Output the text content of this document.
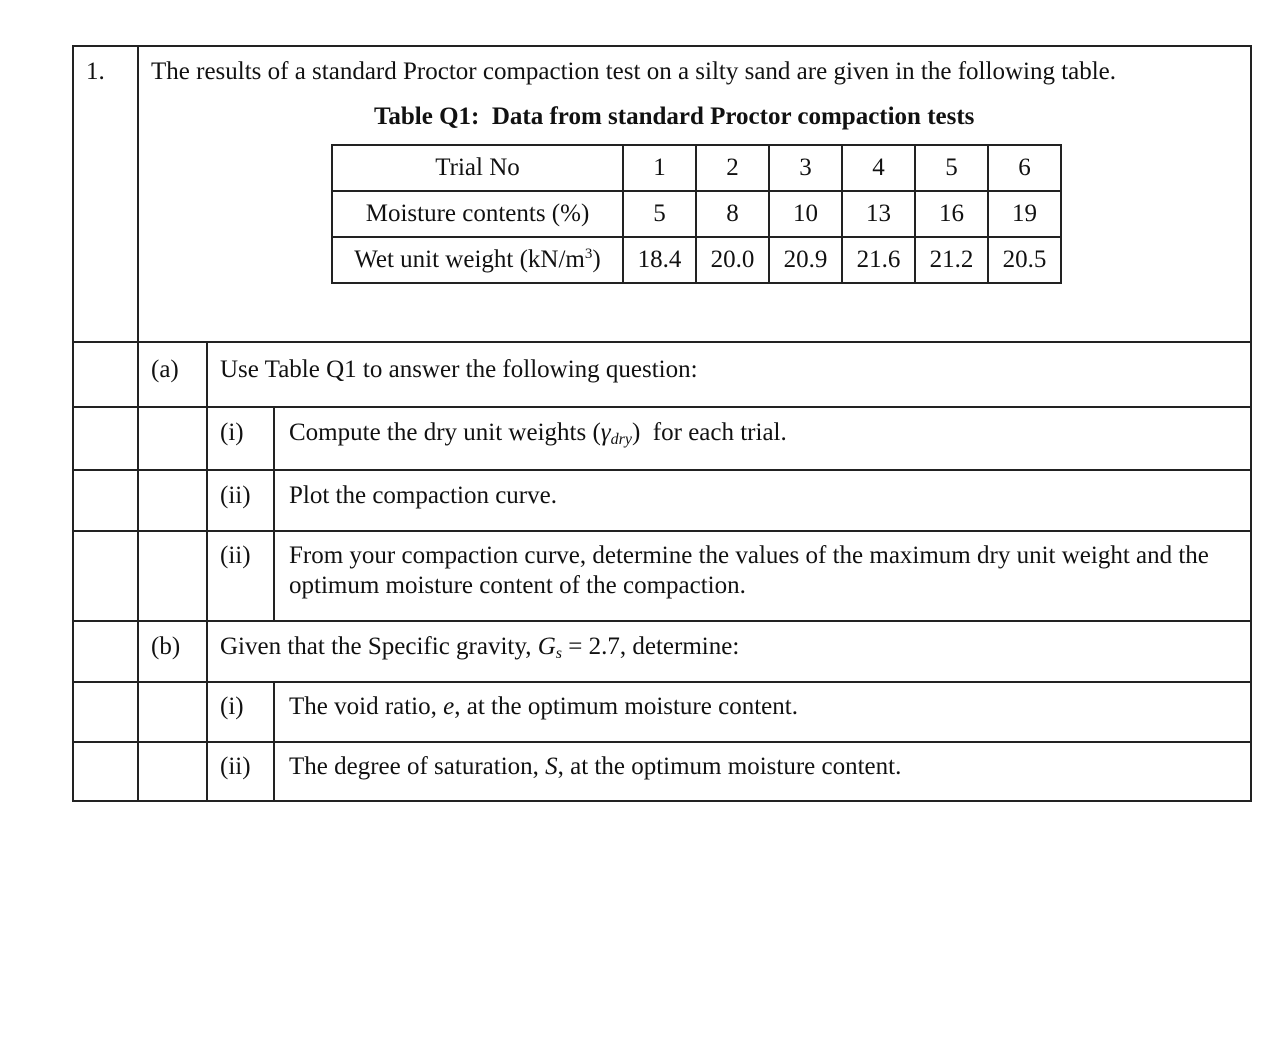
1. The results of a standard Proctor compaction test on a silty sand are given in the following table.
Table Q1:  Data from standard Proctor compaction tests
Trial No	1	2	3	4	5	6
Moisture contents (%)	5	8	10	13	16	19
Wet unit weight $(kN/m^3)$	18.4	20.0	20.9	21.6	21.2	20.5
(a) Use Table Q1 to answer the following question:
(i) Compute the dry unit weights $(\gamma_{dry})$  for each trial.
(ii) Plot the compaction curve.
(ii) From your compaction curve, determine the values of the maximum dry unit weight and the optimum moisture content of the compaction.
(b) Given that the Specific gravity, $G_s = 2.7$, determine:
(i) The void ratio, e, at the optimum moisture content.
(ii) The degree of saturation, S, at the optimum moisture content.
